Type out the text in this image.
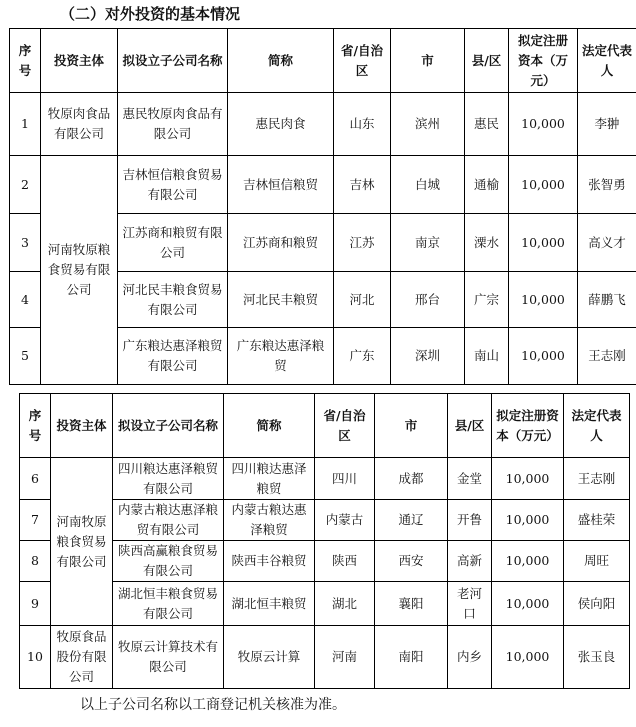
（二）对外投资的基本情况
序号	投资主体	拟设立子公司名称	简称	省/自治区	市	县/区	拟定注册资本（万元）	法定代表人
1	牧原肉食品有限公司	惠民牧原肉食品有限公司	惠民肉食	山东	滨州	惠民	10,000	李翀
2	河南牧原粮食贸易有限公司	吉林恒信粮食贸易有限公司	吉林恒信粮贸	吉林	白城	通榆	10,000	张智勇
3		江苏商和粮贸有限公司	江苏商和粮贸	江苏	南京	溧水	10,000	高义才
4		河北民丰粮食贸易有限公司	河北民丰粮贸	河北	邢台	广宗	10,000	薛鹏飞
5		广东粮达惠泽粮贸有限公司	广东粮达惠泽粮贸	广东	深圳	南山	10,000	王志刚
序号	投资主体	拟设立子公司名称	简称	省/自治区	市	县/区	拟定注册资本（万元）	法定代表人
6	河南牧原粮食贸易有限公司	四川粮达惠泽粮贸有限公司	四川粮达惠泽粮贸	四川	成都	金堂	10,000	王志刚
7		内蒙古粮达惠泽粮贸有限公司	内蒙古粮达惠泽粮贸	内蒙古	通辽	开鲁	10,000	盛桂荣
8		陕西高赢粮食贸易有限公司	陕西丰谷粮贸	陕西	西安	高新	10,000	周旺
9		湖北恒丰粮食贸易有限公司	湖北恒丰粮贸	湖北	襄阳	老河口	10,000	侯向阳
10	牧原食品股份有限公司	牧原云计算技术有限公司	牧原云计算	河南	南阳	内乡	10,000	张玉良
以上子公司名称以工商登记机关核准为准。
